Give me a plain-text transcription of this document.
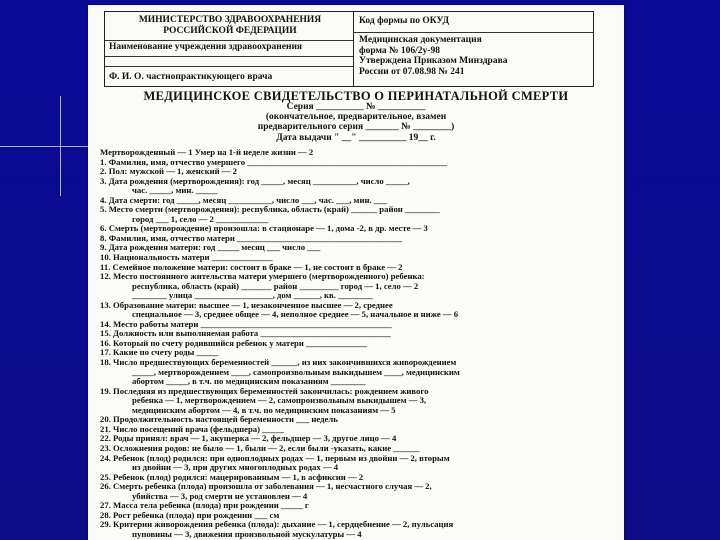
МИНИСТЕРСТВО ЗДРАВООХРАНЕНИЯ
РОССИЙСКОЙ ФЕДЕРАЦИИ
Наименование учреждения здравоохранения
Ф. И. О. частнопрактикующего врача
Код формы по ОКУД
Медицинская документация
форма № 106/2у-98
Утверждена Приказом Минздрава
России от 07.08.98 № 241
МЕДИЦИНСКОЕ СВИДЕТЕЛЬСТВО О ПЕРИНАТАЛЬНОЙ СМЕРТИ
Серия __________ № __________
(окончательное, предварительное, взамен
предварительного серия _______ № ________)
Дата выдачи " __" __________ 19__ г.
Мертворожденный — 1 Умер на 1-й неделе жизни — 2
1. Фамилия, имя, отчество умершего ______________________________________________
2. Пол: мужской — 1, женский — 2
3. Дата рождения (мертворождения): год _____, месяц __________, число _____,
час. _____, мин. _____
4. Дата смерти: год _____, месяц __________, число ___, час. ___, мин. ___
5. Место смерти (мертворождения): республика, область (край) ______ район ________
город ___ 1, село — 2 ____________
6. Смерть (мертворождение) произошла: в стационаре — 1, дома -2, в др. месте — 3
8. Фамилия, имя, отчество матери ______________________________________
9. Дата рождения матери: год _____ месяц ___ число ___
10. Национальность матери ______________
11. Семейное положение матери: состоит в браке — 1, не состоит в браке — 2
12. Место постоянного жительства матери умершего (мертворожденного) ребенка:
республика, область (край) _______ район _________ город — 1, село — 2
________ улица __________________, дом ______, кв. ________
13. Образование матери: высшее — 1, незаконченное высшее — 2, среднее
специальное — 3, среднее общее — 4, неполное среднее — 5, начальное и ниже — 6
14. Место работы матери ____________________________________________
15. Должность или выполняемая работа ______________________________
16. Который по счету родившийся ребенок у матери ______________
17. Какие по счету роды _____
18. Число предшествующих беременностей ______, из них закончившихся живорождением
_____, мертворождением ____, самопроизвольным выкидышем ____, медицинским
абортом _____, в т.ч. по медицинским показаниям ________
19. Последняя из предшествующих беременностей закончилась: рождением живого
ребенка — 1, мертворождением — 2, самопроизвольным выкидышем — 3,
медицинским абортом — 4, в т.ч. по медицинским показаниям — 5
20. Продолжительность настоящей беременности ___ недель
21. Число посещений врача (фельдшера) _____
22. Роды принял: врач — 1, акушерка — 2, фельдшер — 3, другое лицо — 4
23. Осложнения родов: не было — 1, были — 2, если были -указать, какие ______
24. Ребенок (плод) родился: при одноплодных родах — 1, первым из двойни — 2, вторым
из двойни — 3, при других многоплодных родах — 4
25. Ребенок (плод) родился: мацерированным — 1, в асфиксии — 2
26. Смерть ребенка (плода) произошла от заболевания — 1, несчастного случая — 2,
убийства — 3, род смерти не установлен — 4
27. Масса тела ребенка (плода) при рождении _____ г
28. Рост ребенка (плода) при рождении ___ см
29. Критерии живорождения ребенка (плода): дыхание — 1, сердцебиение — 2, пульсация
пуповины — 3, движения произвольной мускулатуры — 4
